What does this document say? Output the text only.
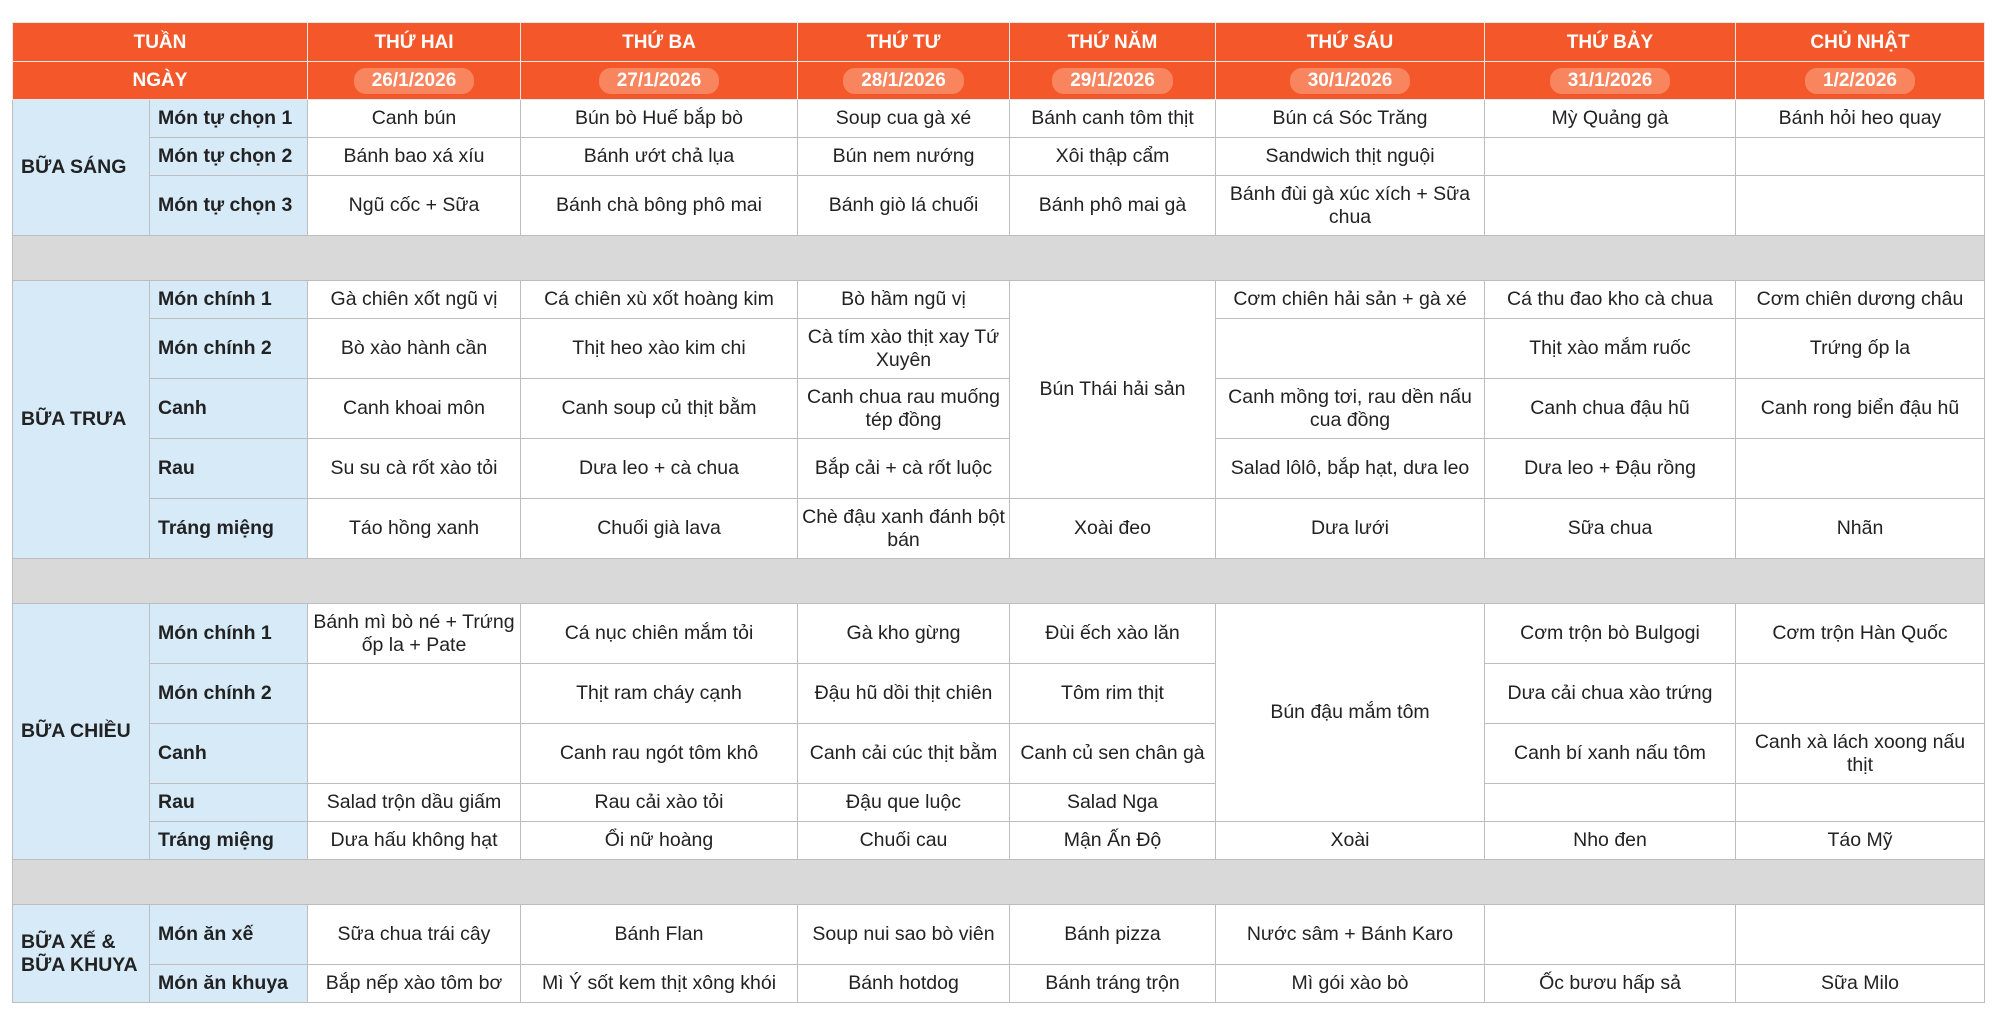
TUẦN		THỨ HAI	THỨ BA	THỨ TƯ	THỨ NĂM	THỨ SÁU	THỨ BẢY	CHỦ NHẬT
NGÀY		26/1/2026	27/1/2026	28/1/2026	29/1/2026	30/1/2026	31/1/2026	1/2/2026
BỮA SÁNG	Món tự chọn 1	Canh bún	Bún bò Huế bắp bò	Soup cua gà xé	Bánh canh tôm thịt	Bún cá Sóc Trăng	Mỳ Quảng gà	Bánh hỏi heo quay
	Món tự chọn 2	Bánh bao xá xíu	Bánh ướt chả lụa	Bún nem nướng	Xôi thập cẩm	Sandwich thịt nguội		
	Món tự chọn 3	Ngũ cốc + Sữa	Bánh chà bông phô mai	Bánh giò lá chuối	Bánh phô mai gà	Bánh đùi gà xúc xích + Sữa chua		

BỮA TRƯA	Món chính 1	Gà chiên xốt ngũ vị	Cá chiên xù xốt hoàng kim	Bò hầm ngũ vị	Bún Thái hải sản	Cơm chiên hải sản + gà xé	Cá thu đao kho cà chua	Cơm chiên dương châu
	Món chính 2	Bò xào hành cần	Thịt heo xào kim chi	Cà tím xào thịt xay Tứ Xuyên			Thịt xào mắm ruốc	Trứng ốp la
	Canh	Canh khoai môn	Canh soup củ thịt bằm	Canh chua rau muống tép đồng		Canh mồng tơi, rau dền nấu cua đồng	Canh chua đậu hũ	Canh rong biển đậu hũ
	Rau	Su su cà rốt xào tỏi	Dưa leo + cà chua	Bắp cải + cà rốt luộc		Salad lôlô, bắp hạt, dưa leo	Dưa leo + Đậu rồng	
	Tráng miệng	Táo hồng xanh	Chuối già lava	Chè đậu xanh đánh bột bán	Xoài đeo	Dưa lưới	Sữa chua	Nhãn

BỮA CHIỀU	Món chính 1	Bánh mì bò né + Trứng ốp la + Pate	Cá nục chiên mắm tỏi	Gà kho gừng	Đùi ếch xào lăn	Bún đậu mắm tôm	Cơm trộn bò Bulgogi	Cơm trộn Hàn Quốc
	Món chính 2		Thịt ram cháy cạnh	Đậu hũ dồi thịt chiên	Tôm rim thịt		Dưa cải chua xào trứng	
	Canh		Canh rau ngót tôm khô	Canh cải cúc thịt bằm	Canh củ sen chân gà		Canh bí xanh nấu tôm	Canh xà lách xoong nấu thịt
	Rau	Salad trộn dầu giấm	Rau cải xào tỏi	Đậu que luộc	Salad Nga			
	Tráng miệng	Dưa hấu không hạt	Ổi nữ hoàng	Chuối cau	Mận Ấn Độ	Xoài	Nho đen	Táo Mỹ

BỮA XẾ &
BỮA KHUYA	Món ăn xế	Sữa chua trái cây	Bánh Flan	Soup nui sao bò viên	Bánh pizza	Nước sâm + Bánh Karo		
	Món ăn khuya	Bắp nếp xào tôm bơ	Mì Ý sốt kem thịt xông khói	Bánh hotdog	Bánh tráng trộn	Mì gói xào bò	Ốc bươu hấp sả	Sữa Milo
